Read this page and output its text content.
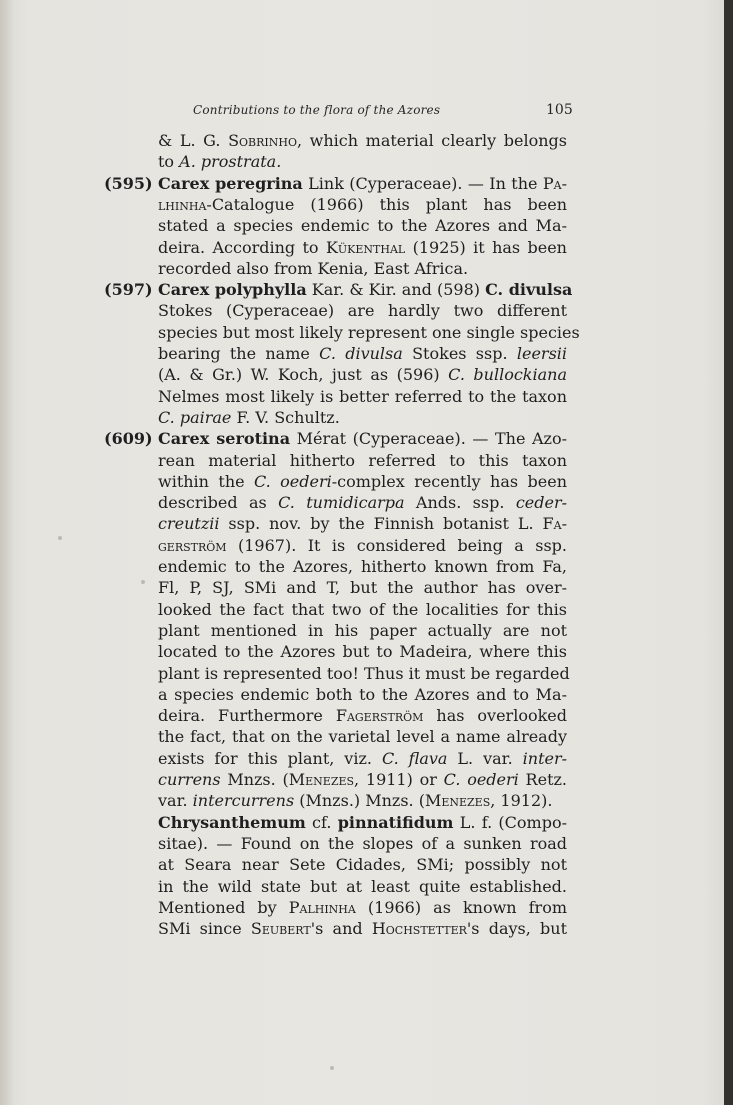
Contributions to the flora of the Azores	105
(595)
(597)
(609)
& L. G. Sobrinho, which material clearly belongs
to A. prostrata.
Carex peregrina Link (Cyperaceae). — In the Pa-
lhinha-Catalogue (1966) this plant has been
stated a species endemic to the Azores and Ma-
deira. According to Kükenthal (1925) it has been
recorded also from Kenia, East Africa.
Carex polyphylla Kar. & Kir. and (598) C. divulsa
Stokes (Cyperaceae) are hardly two different
species but most likely represent one single species
bearing the name C. divulsa Stokes ssp. leersii
(A. & Gr.) W. Koch, just as (596) C. bullockiana
Nelmes most likely is better referred to the taxon
C. pairae F. V. Schultz.
Carex serotina Mérat (Cyperaceae). — The Azo-
rean material hitherto referred to this taxon
within the C. oederi-complex recently has been
described as C. tumidicarpa Ands. ssp. ceder-
creutzii ssp. nov. by the Finnish botanist L. Fa-
gerström (1967). It is considered being a ssp.
endemic to the Azores, hitherto known from Fa,
Fl, P, SJ, SMi and T, but the author has over-
looked the fact that two of the localities for this
plant mentioned in his paper actually are not
located to the Azores but to Madeira, where this
plant is represented too! Thus it must be regarded
a species endemic both to the Azores and to Ma-
deira. Furthermore Fagerström has overlooked
the fact, that on the varietal level a name already
exists for this plant, viz. C. flava L. var. inter-
currens Mnzs. (Menezes, 1911) or C. oederi Retz.
var. intercurrens (Mnzs.) Mnzs. (Menezes, 1912).
Chrysanthemum cf. pinnatifidum L. f. (Compo-
sitae). — Found on the slopes of a sunken road
at Seara near Sete Cidades, SMi; possibly not
in the wild state but at least quite established.
Mentioned by Palhinha (1966) as known from
SMi since Seubert's and Hochstetter's days, but
